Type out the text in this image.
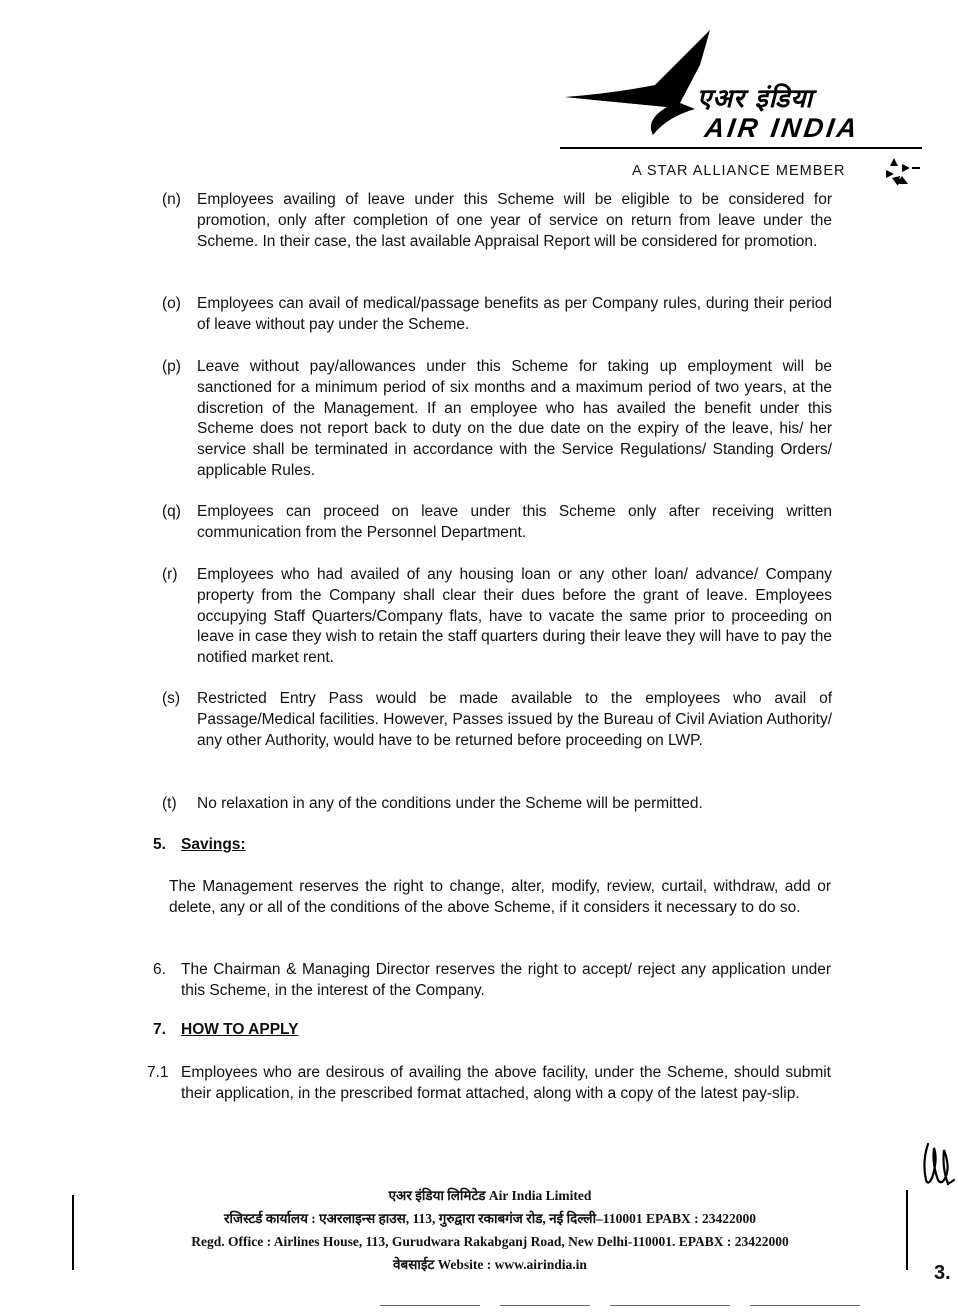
एअर इंडिया
AIR INDIA
A STAR ALLIANCE MEMBER
(n) Employees availing of leave under this Scheme will be eligible to be considered for promotion, only after completion of one year of service on return from leave under the Scheme. In their case, the last available Appraisal Report will be considered for promotion.
(o) Employees can avail of medical/passage benefits as per Company rules, during their period of leave without pay under the Scheme.
(p) Leave without pay/allowances under this Scheme for taking up employment will be sanctioned for a minimum period of six months and a maximum period of two years, at the discretion of the Management. If an employee who has availed the benefit under this Scheme does not report back to duty on the due date on the expiry of the leave, his/ her service shall be terminated in accordance with the Service Regulations/ Standing Orders/ applicable Rules.
(q) Employees can proceed on leave under this Scheme only after receiving written communication from the Personnel Department.
(r) Employees who had availed of any housing loan or any other loan/ advance/ Company property from the Company shall clear their dues before the grant of leave. Employees occupying Staff Quarters/Company flats, have to vacate the same prior to proceeding on leave in case they wish to retain the staff quarters during their leave they will have to pay the notified market rent.
(s) Restricted Entry Pass would be made available to the employees who avail of Passage/Medical facilities. However, Passes issued by the Bureau of Civil Aviation Authority/ any other Authority, would have to be returned before proceeding on LWP.
(t) No relaxation in any of the conditions under the Scheme will be permitted.
5. Savings:
The Management reserves the right to change, alter, modify, review, curtail, withdraw, add or delete, any or all of the conditions of the above Scheme, if it considers it necessary to do so.
6. The Chairman & Managing Director reserves the right to accept/ reject any application under this Scheme, in the interest of the Company.
7. HOW TO APPLY
7.1 Employees who are desirous of availing the above facility, under the Scheme, should submit their application, in the prescribed format attached, along with a copy of the latest pay-slip.
एअर इंडिया लिमिटेड Air India Limited
रजिस्टर्ड कार्यालय : एअरलाइन्स हाउस, 113, गुरुद्वारा रकाबगंज रोड, नई दिल्ली–110001 EPABX : 23422000
Regd. Office : Airlines House, 113, Gurudwara Rakabganj Road, New Delhi-110001. EPABX : 23422000
वेबसाईट Website : www.airindia.in	3.
